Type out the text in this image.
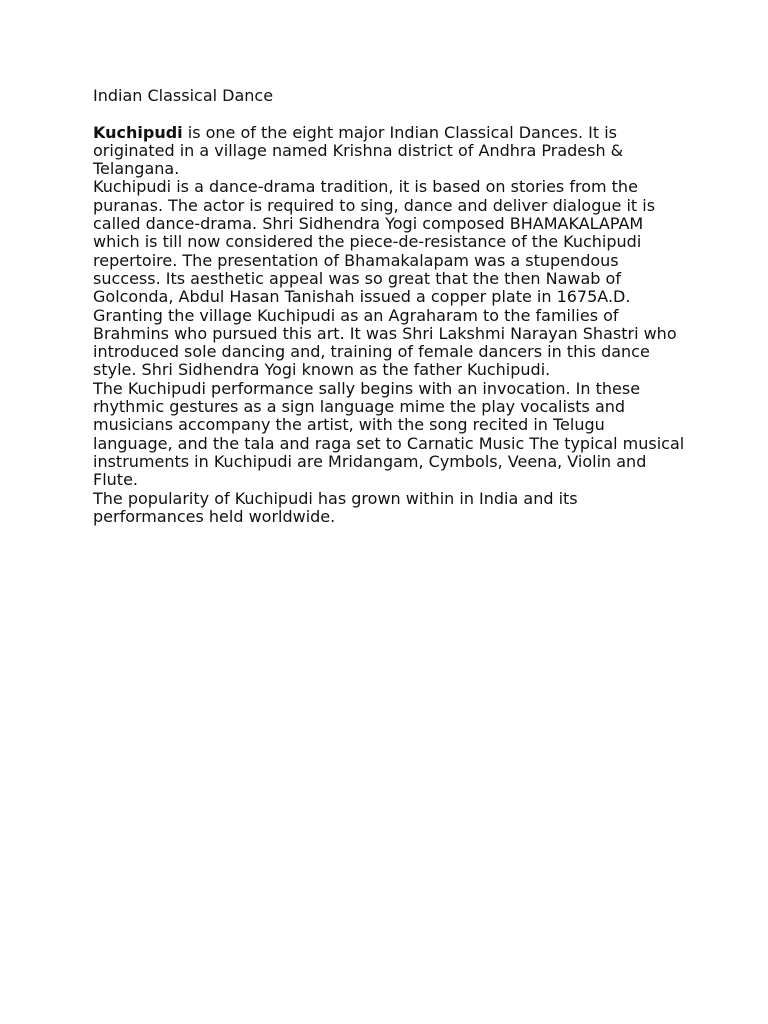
Indian Classical Dance

Kuchipudi is one of the eight major Indian Classical Dances. It is originated in a village named Krishna district of Andhra Pradesh & Telangana.

Kuchipudi is a dance-drama tradition, it is based on stories from the puranas. The actor is required to sing, dance and deliver dialogue it is called dance-drama. Shri Sidhendra Yogi composed BHAMAKALAPAM which is till now considered the piece-de-resistance of the Kuchipudi repertoire. The presentation of Bhamakalapam was a stupendous success. Its aesthetic appeal was so great that the then Nawab of Golconda, Abdul Hasan Tanishah issued a copper plate in 1675A.D. Granting the village Kuchipudi as an Agraharam to the families of Brahmins who pursued this art. It was Shri Lakshmi Narayan Shastri who introduced sole dancing and, training of female dancers in this dance style. Shri Sidhendra Yogi known as the father Kuchipudi.

The Kuchipudi performance sally begins with an invocation. In these rhythmic gestures as a sign language mime the play vocalists and musicians accompany the artist, with the song recited in Telugu language, and the tala and raga set to Carnatic Music The typical musical instruments in Kuchipudi are Mridangam, Cymbols, Veena, Violin and Flute.

The popularity of Kuchipudi has grown within in India and its performances held worldwide.
